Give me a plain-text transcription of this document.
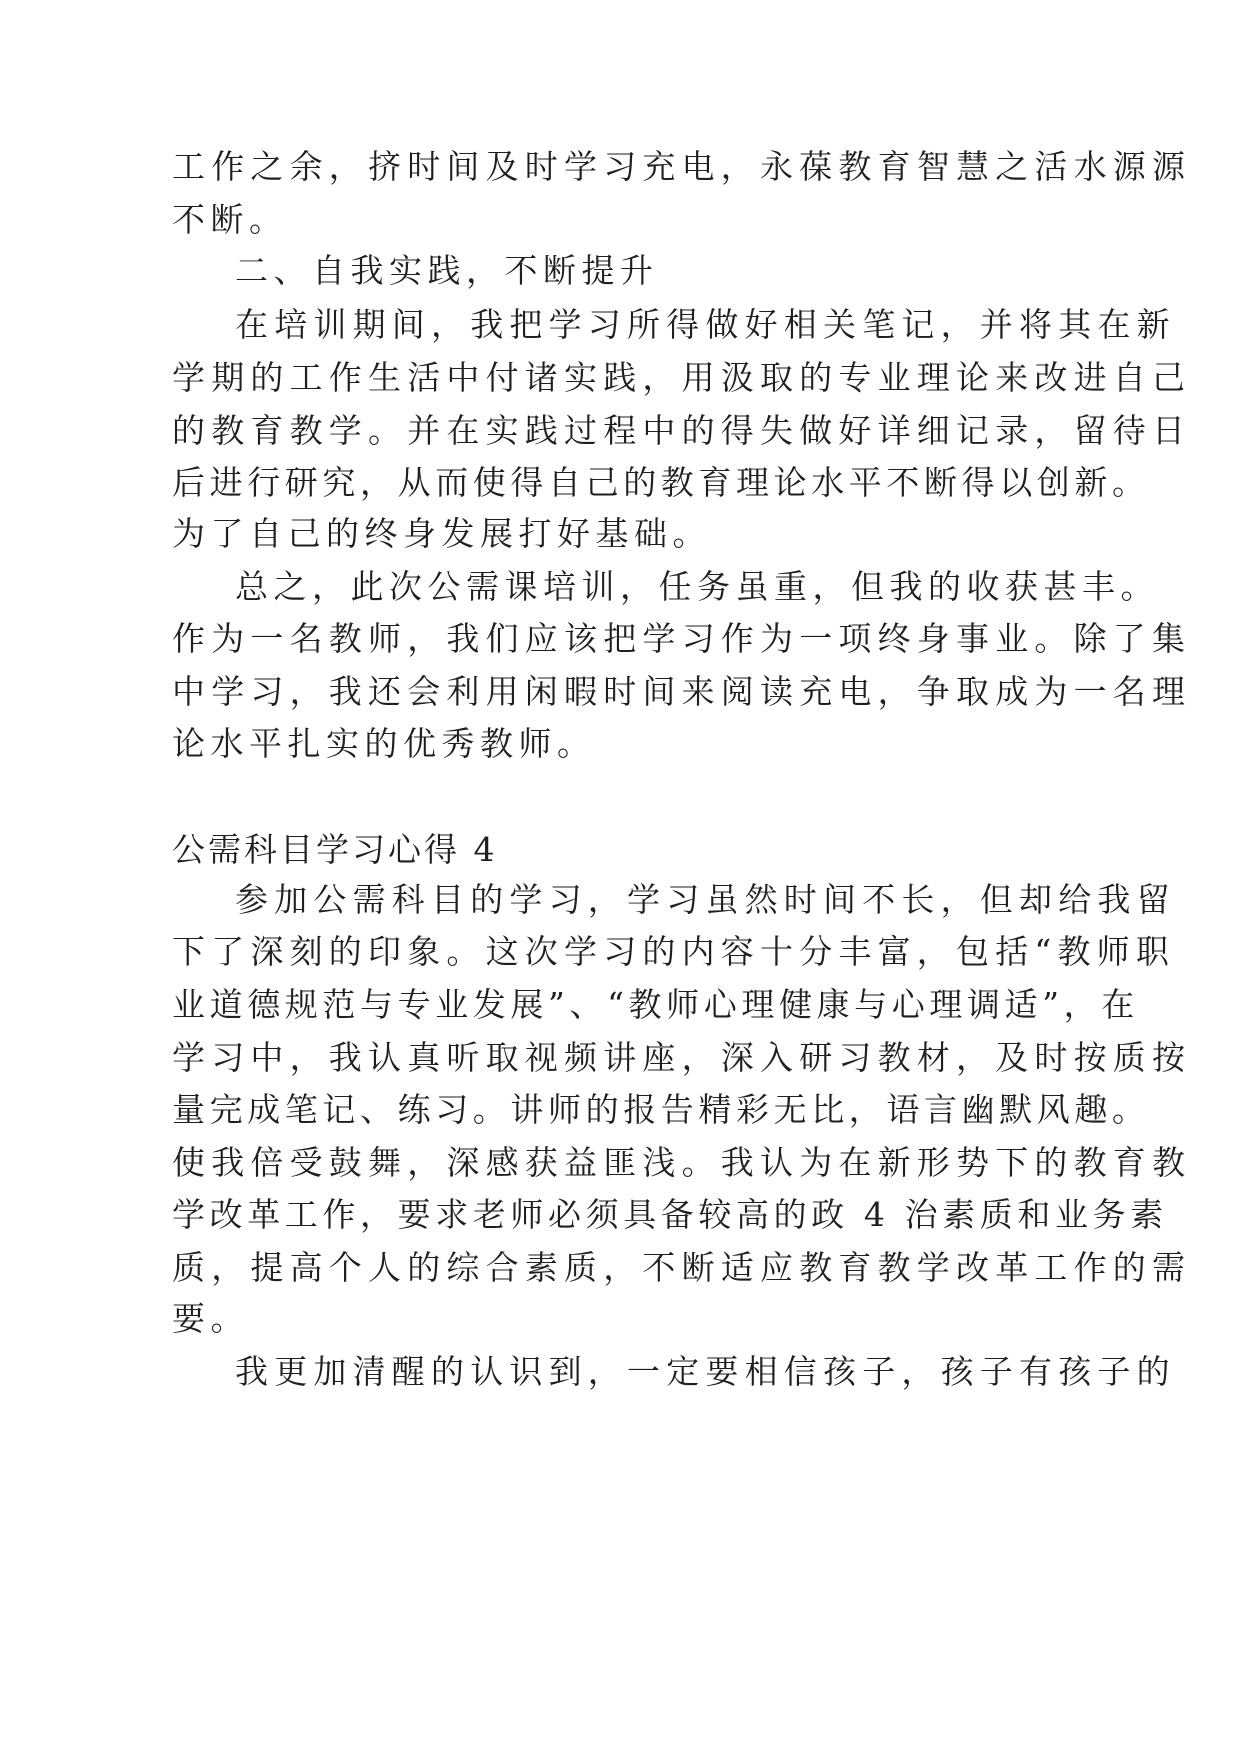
工作之余，挤时间及时学习充电，永葆教育智慧之活水源源
不断。
二、自我实践，不断提升
在培训期间，我把学习所得做好相关笔记，并将其在新
学期的工作生活中付诸实践，用汲取的专业理论来改进自己
的教育教学。并在实践过程中的得失做好详细记录，留待日
后进行研究，从而使得自己的教育理论水平不断得以创新。
为了自己的终身发展打好基础。
总之，此次公需课培训，任务虽重，但我的收获甚丰。
作为一名教师，我们应该把学习作为一项终身事业。除了集
中学习，我还会利用闲暇时间来阅读充电，争取成为一名理
论水平扎实的优秀教师。
公需科目学习心得 4
参加公需科目的学习，学习虽然时间不长，但却给我留
下了深刻的印象。这次学习的内容十分丰富，包括“教师职
业道德规范与专业发展”、“教师心理健康与心理调适”，在
学习中，我认真听取视频讲座，深入研习教材，及时按质按
量完成笔记、练习。讲师的报告精彩无比，语言幽默风趣。
使我倍受鼓舞，深感获益匪浅。我认为在新形势下的教育教
学改革工作，要求老师必须具备较高的政 4 治素质和业务素
质，提高个人的综合素质，不断适应教育教学改革工作的需
要。
我更加清醒的认识到，一定要相信孩子，孩子有孩子的
